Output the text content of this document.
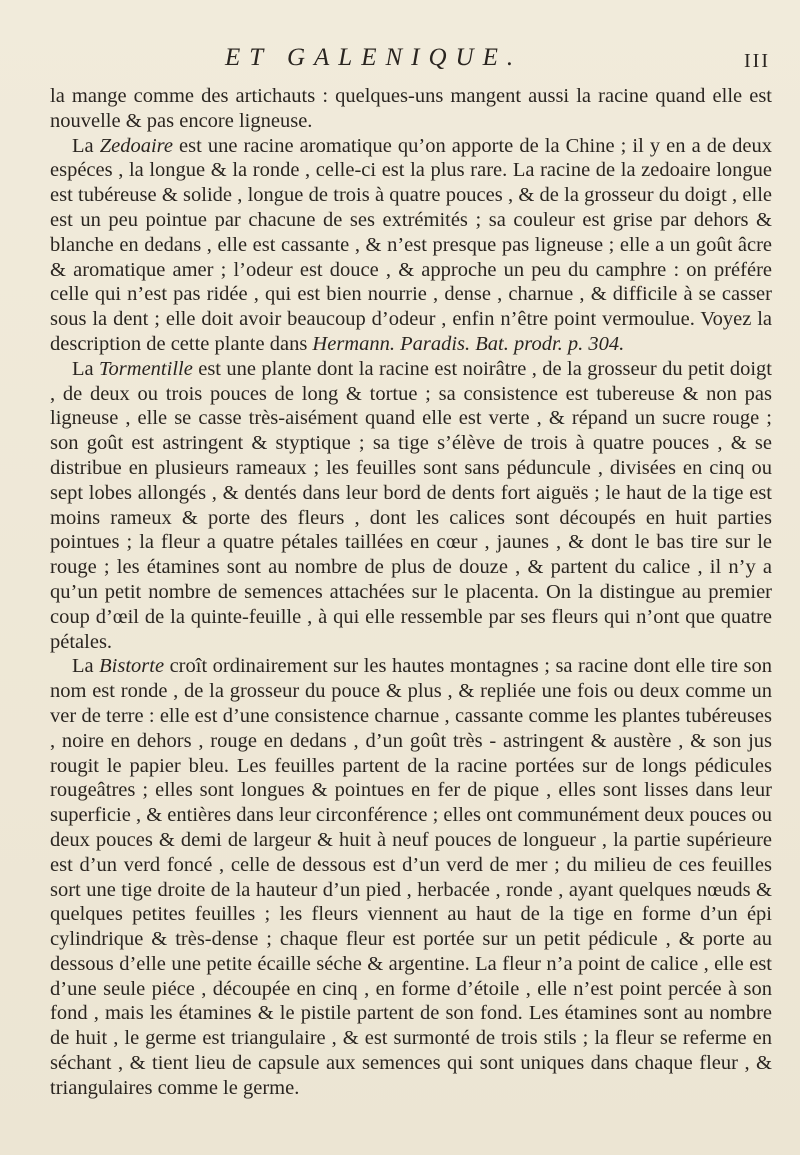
ET GALENIQUE.	III

la mange comme des artichauts : quelques-uns mangent aussi la racine quand elle est nouvelle & pas encore ligneuse.

La Zedoaire est une racine aromatique qu’on apporte de la Chine ; il y en a de deux espéces , la longue & la ronde , celle-ci est la plus rare. La racine de la zedoaire longue est tubéreuse & solide , longue de trois à quatre pouces , & de la grosseur du doigt , elle est un peu pointue par chacune de ses extrémités ; sa couleur est grise par dehors & blanche en dedans , elle est cassante , & n’est presque pas ligneuse ; elle a un goût âcre & aromatique amer ; l’odeur est douce , & approche un peu du camphre : on préfére celle qui n’est pas ridée , qui est bien nourrie , dense , charnue , & difficile à se casser sous la dent ; elle doit avoir beaucoup d’odeur , enfin n’être point vermoulue. Voyez la description de cette plante dans Hermann. Paradis. Bat. prodr. p. 304.

La Tormentille est une plante dont la racine est noirâtre , de la grosseur du petit doigt , de deux ou trois pouces de long & tortue ; sa consistence est tubereuse & non pas ligneuse , elle se casse très-aisément quand elle est verte , & répand un sucre rouge ; son goût est astringent & styptique ; sa tige s’élève de trois à quatre pouces , & se distribue en plusieurs rameaux ; les feuilles sont sans péduncule , divisées en cinq ou sept lobes allongés , & dentés dans leur bord de dents fort aiguës ; le haut de la tige est moins rameux & porte des fleurs , dont les calices sont découpés en huit parties pointues ; la fleur a quatre pétales taillées en cœur , jaunes , & dont le bas tire sur le rouge ; les étamines sont au nombre de plus de douze , & partent du calice , il n’y a qu’un petit nombre de semences attachées sur le placenta. On la distingue au premier coup d’œil de la quinte-feuille , à qui elle ressemble par ses fleurs qui n’ont que quatre pétales.

La Bistorte croît ordinairement sur les hautes montagnes ; sa racine dont elle tire son nom est ronde , de la grosseur du pouce & plus , & repliée une fois ou deux comme un ver de terre : elle est d’une consistence charnue , cassante comme les plantes tubéreuses , noire en dehors , rouge en dedans , d’un goût très - astringent & austère , & son jus rougit le papier bleu. Les feuilles partent de la racine portées sur de longs pédicules rougeâtres ; elles sont longues & pointues en fer de pique , elles sont lisses dans leur superficie , & entières dans leur circonférence ; elles ont communément deux pouces ou deux pouces & demi de largeur & huit à neuf pouces de longueur , la partie supérieure est d’un verd foncé , celle de dessous est d’un verd de mer ; du milieu de ces feuilles sort une tige droite de la hauteur d’un pied , herbacée , ronde , ayant quelques nœuds & quelques petites feuilles ; les fleurs viennent au haut de la tige en forme d’un épi cylindrique & très-dense ; chaque fleur est portée sur un petit pédicule , & porte au dessous d’elle une petite écaille séche & argentine. La fleur n’a point de calice , elle est d’une seule piéce , découpée en cinq , en forme d’étoile , elle n’est point percée à son fond , mais les étamines & le pistile partent de son fond. Les étamines sont au nombre de huit , le germe est triangulaire , & est surmonté de trois stils ; la fleur se referme en séchant , & tient lieu de capsule aux semences qui sont uniques dans chaque fleur , & triangulaires comme le germe.
